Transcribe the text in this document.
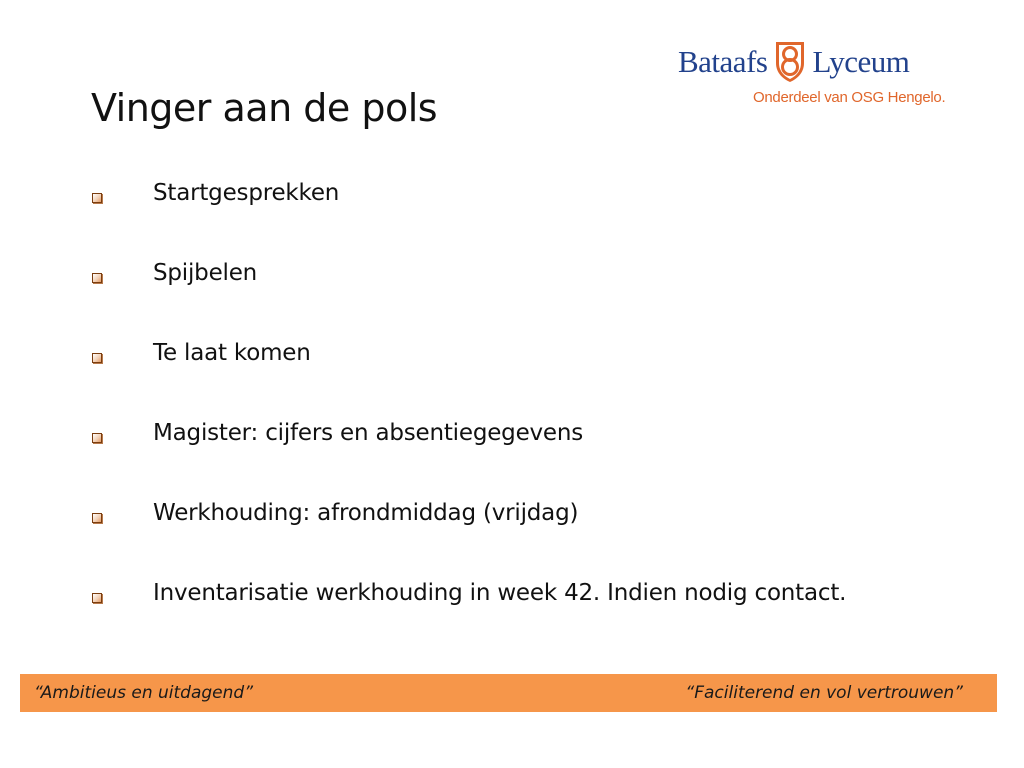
Bataafs Lyceum
Onderdeel van OSG Hengelo.
Vinger aan de pols
Startgesprekken
Spijbelen
Te laat komen
Magister: cijfers en absentiegegevens
Werkhouding: afrondmiddag (vrijdag)
Inventarisatie werkhouding in week 42. Indien nodig contact.
“Ambitieus en uitdagend”	“Faciliterend en vol vertrouwen”
